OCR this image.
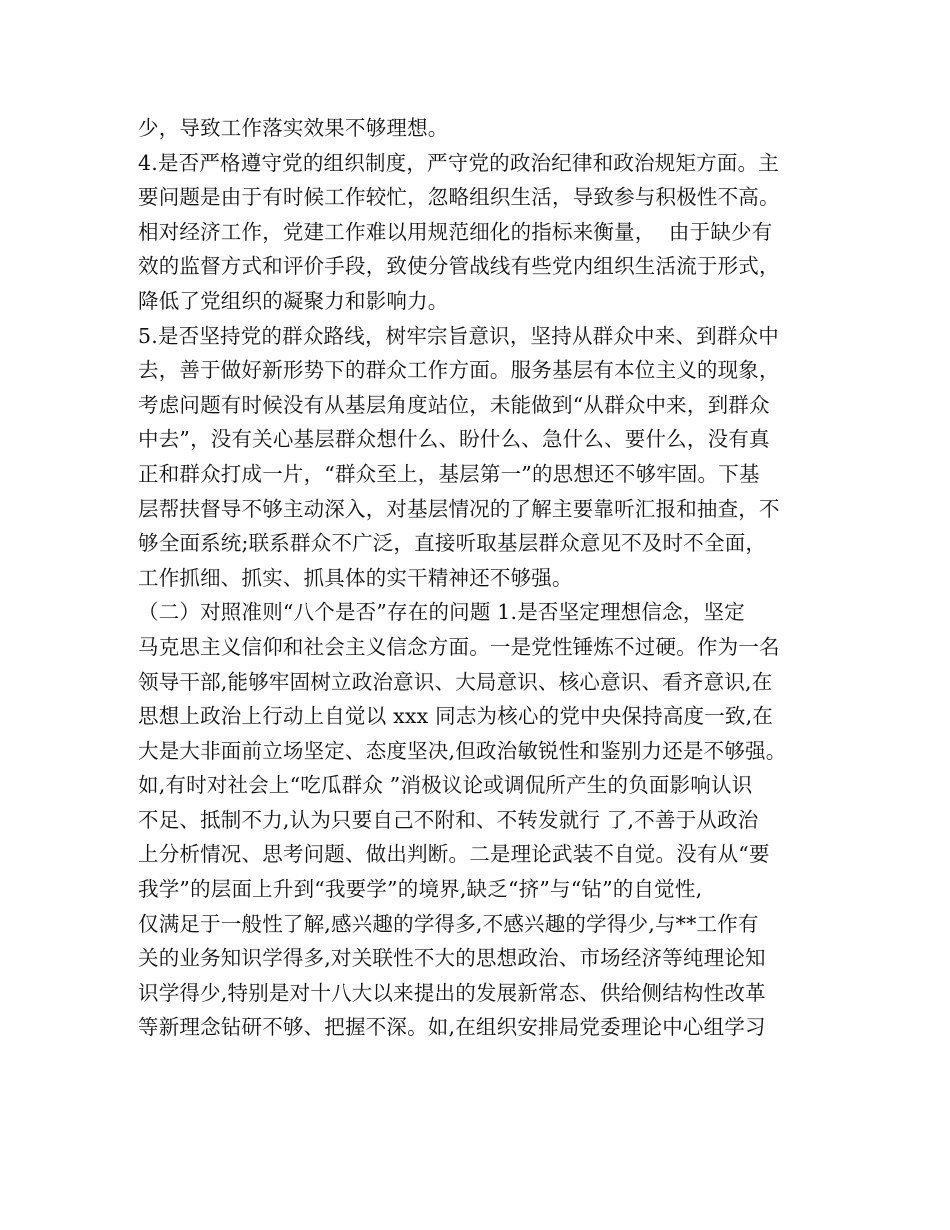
少，导致工作落实效果不够理想。
4.是否严格遵守党的组织制度，严守党的政治纪律和政治规矩方面。主
要问题是由于有时候工作较忙，忽略组织生活，导致参与积极性不高。
相对经济工作，党建工作难以用规范细化的指标来衡量，  由于缺少有
效的监督方式和评价手段，致使分管战线有些党内组织生活流于形式，
降低了党组织的凝聚力和影响力。
5.是否坚持党的群众路线，树牢宗旨意识，坚持从群众中来、到群众中
去，善于做好新形势下的群众工作方面。服务基层有本位主义的现象，
考虑问题有时候没有从基层角度站位，未能做到“从群众中来，到群众
中去”，没有关心基层群众想什么、盼什么、急什么、要什么，没有真
正和群众打成一片，“群众至上，基层第一”的思想还不够牢固。下基
层帮扶督导不够主动深入，对基层情况的了解主要靠听汇报和抽查，不
够全面系统;联系群众不广泛，直接听取基层群众意见不及时不全面，
工作抓细、抓实、抓具体的实干精神还不够强。
（二）对照准则“八个是否”存在的问题 1.是否坚定理想信念，坚定
马克思主义信仰和社会主义信念方面。一是党性锤炼不过硬。作为一名
领导干部,能够牢固树立政治意识、大局意识、核心意识、看齐意识,在
思想上政治上行动上自觉以 xxx 同志为核心的党中央保持高度一致,在
大是大非面前立场坚定、态度坚决,但政治敏锐性和鉴别力还是不够强。
如,有时对社会上“吃瓜群众 ”消极议论或调侃所产生的负面影响认识
不足、抵制不力,认为只要自己不附和、不转发就行 了,不善于从政治
上分析情况、思考问题、做出判断。二是理论武装不自觉。没有从“要
我学”的层面上升到“我要学”的境界,缺乏“挤”与“钻”的自觉性,
仅满足于一般性了解,感兴趣的学得多,不感兴趣的学得少,与**工作有
关的业务知识学得多,对关联性不大的思想政治、市场经济等纯理论知
识学得少,特别是对十八大以来提出的发展新常态、供给侧结构性改革
等新理念钻研不够、把握不深。如,在组织安排局党委理论中心组学习
